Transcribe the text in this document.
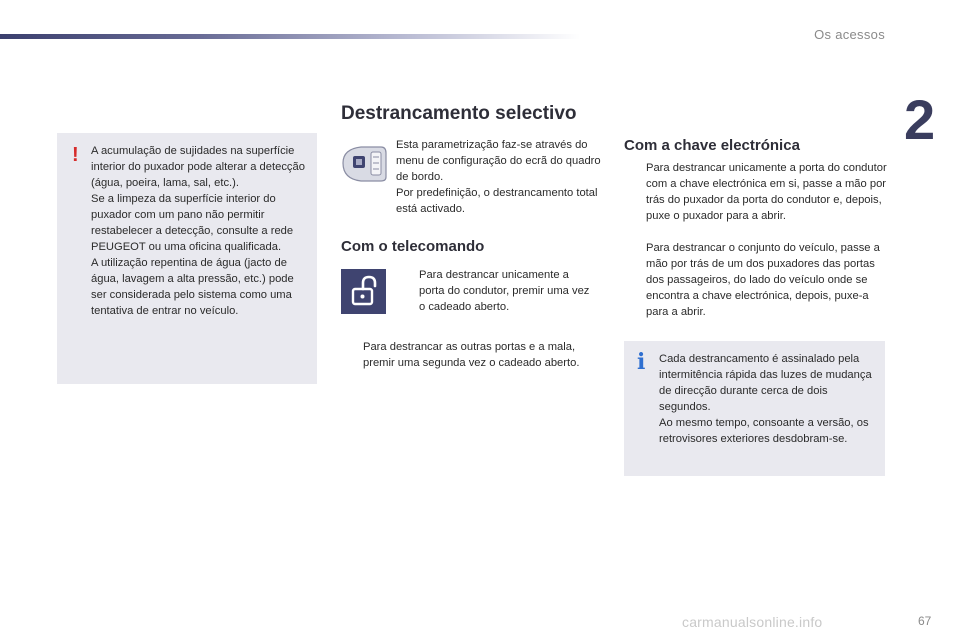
Os acessos
2
Destrancamento selectivo
! A acumulação de sujidades na superfície interior do puxador pode alterar a detecção (água, poeira, lama, sal, etc.).

Se a limpeza da superfície interior do puxador com um pano não permitir restabelecer a detecção, consulte a rede PEUGEOT ou uma oficina qualificada.

A utilização repentina de água (jacto de água, lavagem a alta pressão, etc.) pode ser considerada pelo sistema como uma tentativa de entrar no veículo.

Esta parametrização faz-se através do menu de configuração do ecrã do quadro de bordo.

Por predefinição, o destrancamento total está activado.

Com o telecomando
Para destrancar unicamente a porta do condutor, premir uma vez o cadeado aberto.
Para destrancar as outras portas e a mala, premir uma segunda vez o cadeado aberto.
Com a chave electrónica
Para destrancar unicamente a porta do condutor com a chave electrónica em si, passe a mão por trás do puxador da porta do condutor e, depois, puxe o puxador para a abrir.
Para destrancar o conjunto do veículo, passe a mão por trás de um dos puxadores das portas dos passageiros, do lado do veículo onde se encontra a chave electrónica, depois, puxe-a para a abrir.
i Cada destrancamento é assinalado pela intermitência rápida das luzes de mudança de direcção durante cerca de dois segundos.

Ao mesmo tempo, consoante a versão, os retrovisores exteriores desdobram-se.

carmanualsonline.info	67
